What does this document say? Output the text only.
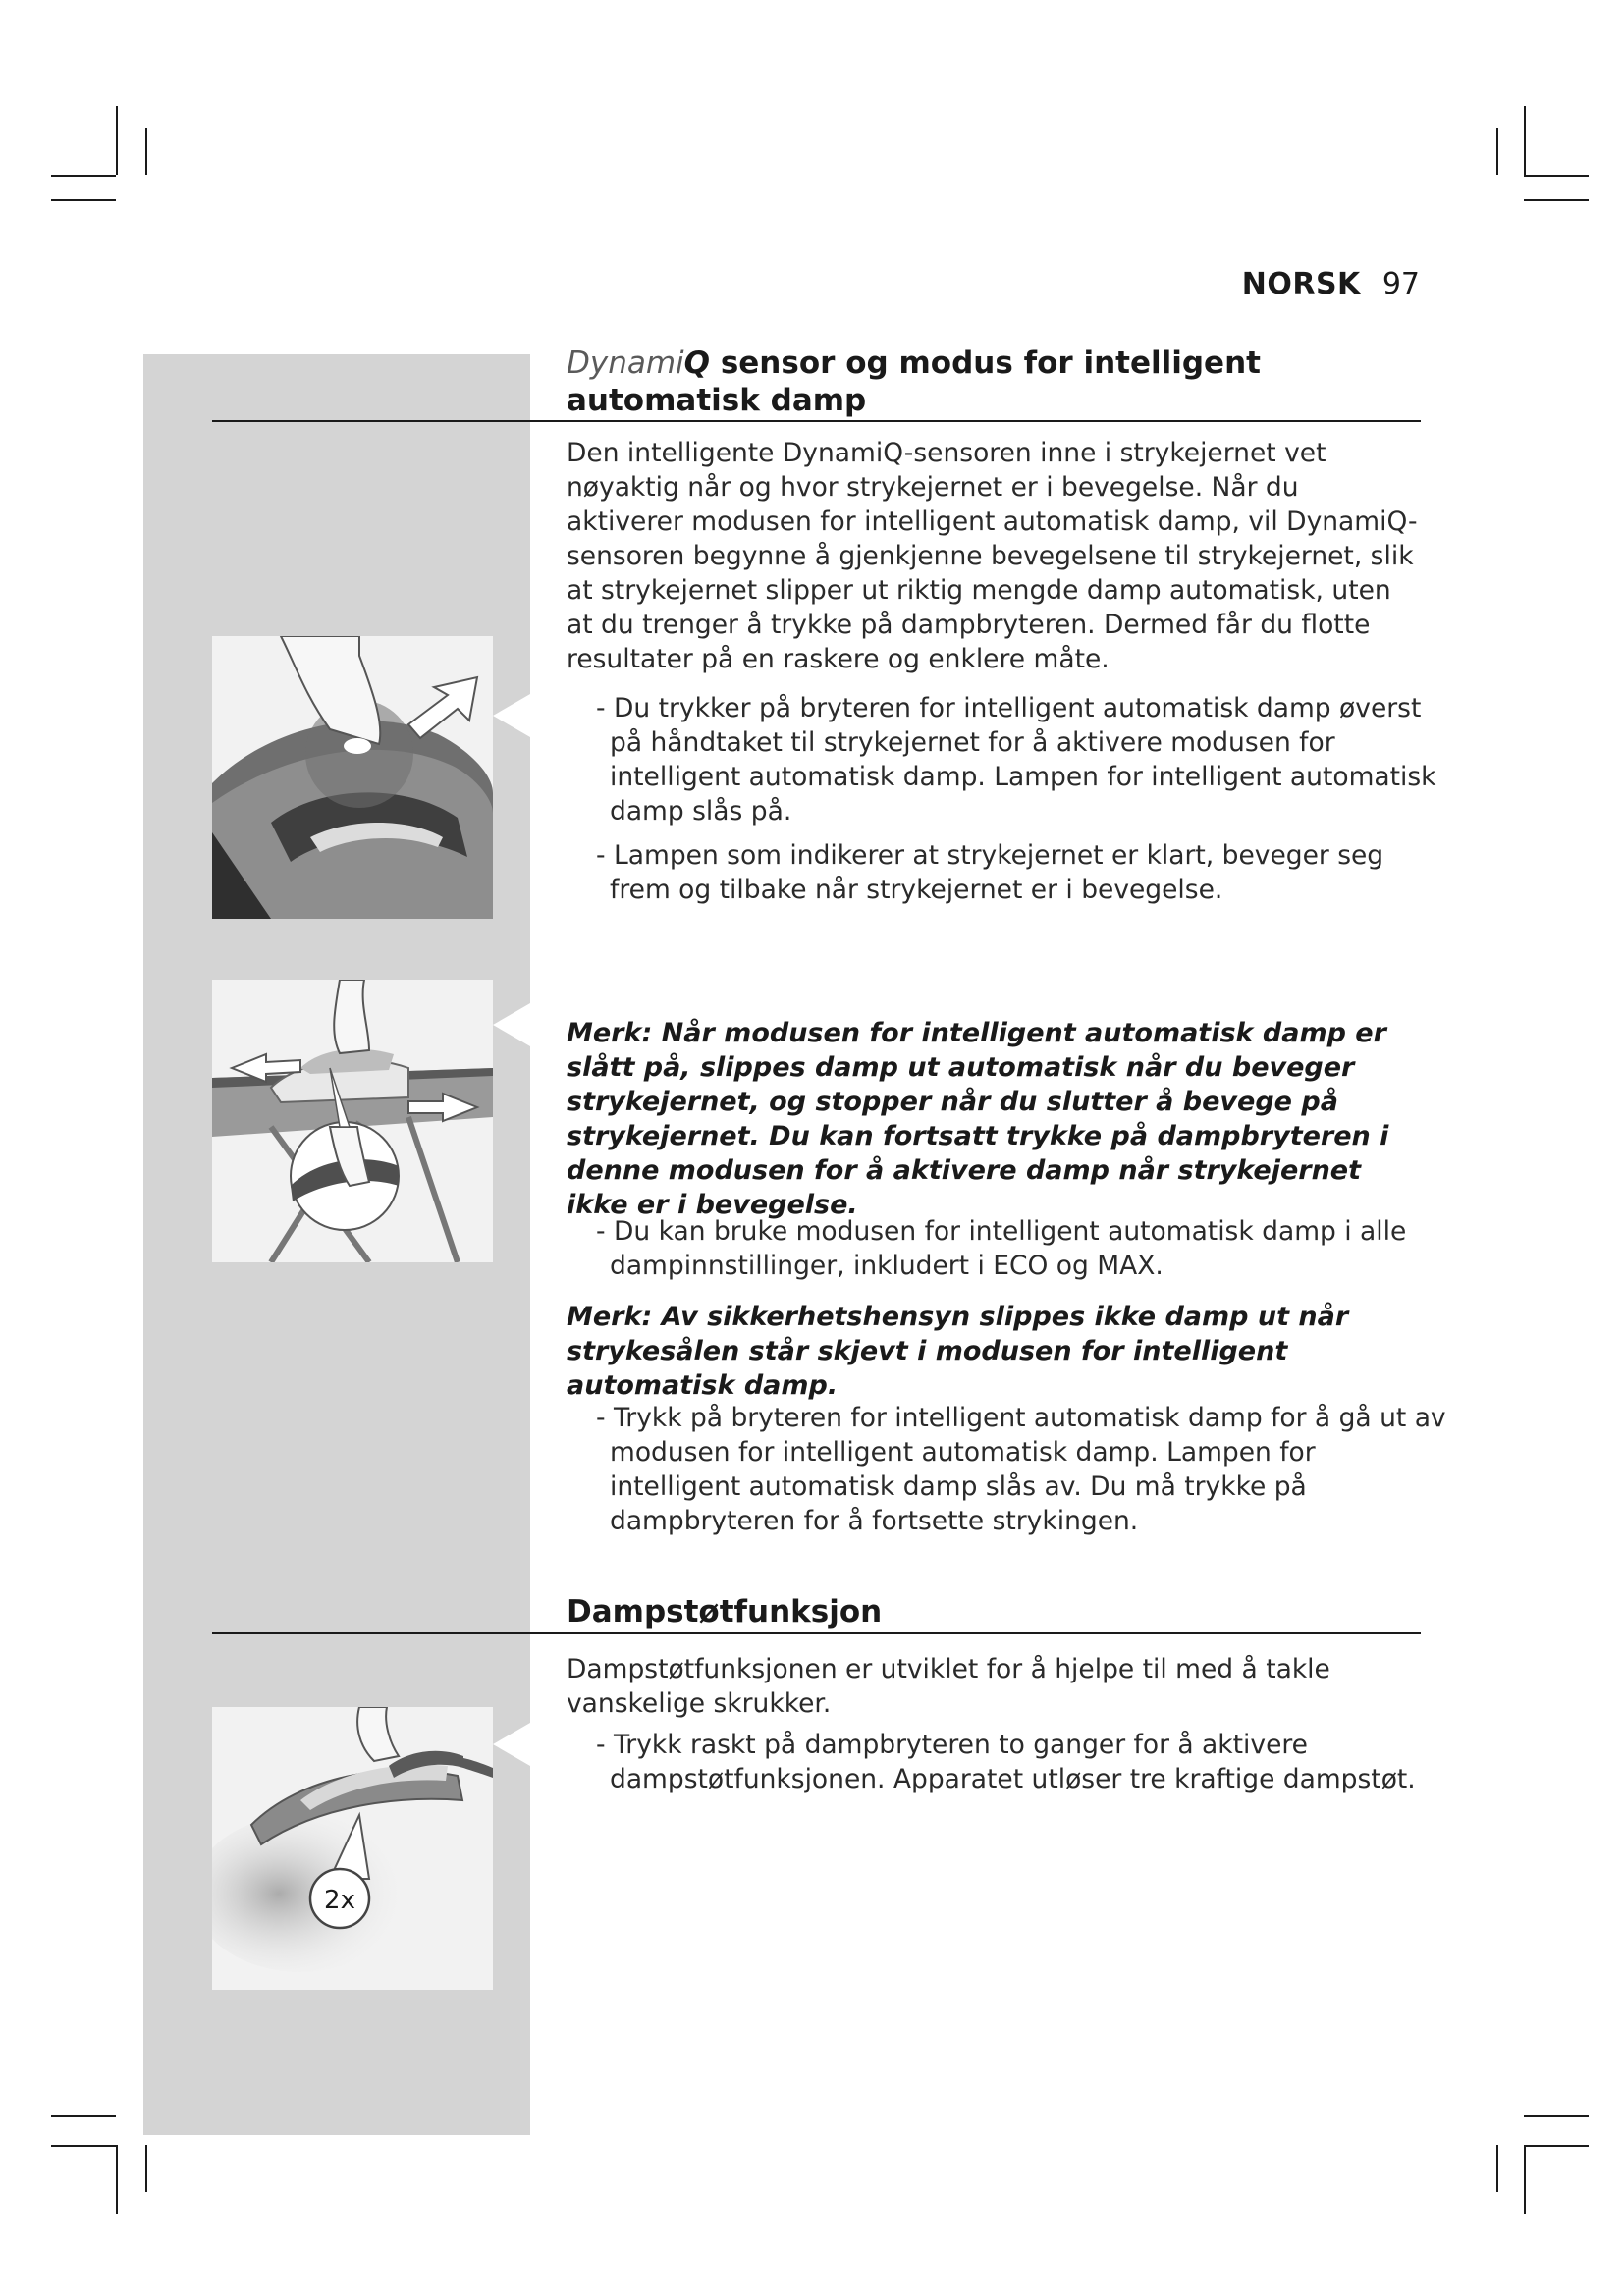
NORSK 97
DynamiQ sensor og modus for intelligent automatisk damp

Den intelligente DynamiQ-sensoren inne i strykejernet vet nøyaktig når og hvor strykejernet er i bevegelse. Når du aktiverer modusen for intelligent automatisk damp, vil DynamiQ-sensoren begynne å gjenkjenne bevegelsene til strykejernet, slik at strykejernet slipper ut riktig mengde damp automatisk, uten at du trenger å trykke på dampbryteren. Dermed får du flotte resultater på en raskere og enklere måte.

- Du trykker på bryteren for intelligent automatisk damp øverst på håndtaket til strykejernet for å aktivere modusen for intelligent automatisk damp. Lampen for intelligent automatisk damp slås på.

- Lampen som indikerer at strykejernet er klart, beveger seg frem og tilbake når strykejernet er i bevegelse.

Merk: Når modusen for intelligent automatisk damp er slått på, slippes damp ut automatisk når du beveger strykejernet, og stopper når du slutter å bevege på strykejernet. Du kan fortsatt trykke på dampbryteren i denne modusen for å aktivere damp når strykejernet ikke er i bevegelse.

- Du kan bruke modusen for intelligent automatisk damp i alle dampinnstillinger, inkludert i ECO og MAX.

Merk: Av sikkerhetshensyn slippes ikke damp ut når strykesålen står skjevt i modusen for intelligent automatisk damp.

- Trykk på bryteren for intelligent automatisk damp for å gå ut av modusen for intelligent automatisk damp. Lampen for intelligent automatisk damp slås av. Du må trykke på dampbryteren for å fortsette strykingen.

Dampstøtfunksjon

Dampstøtfunksjonen er utviklet for å hjelpe til med å takle vanskelige skrukker.

- Trykk raskt på dampbryteren to ganger for å aktivere dampstøtfunksjonen. Apparatet utløser tre kraftige dampstøt.

2x
